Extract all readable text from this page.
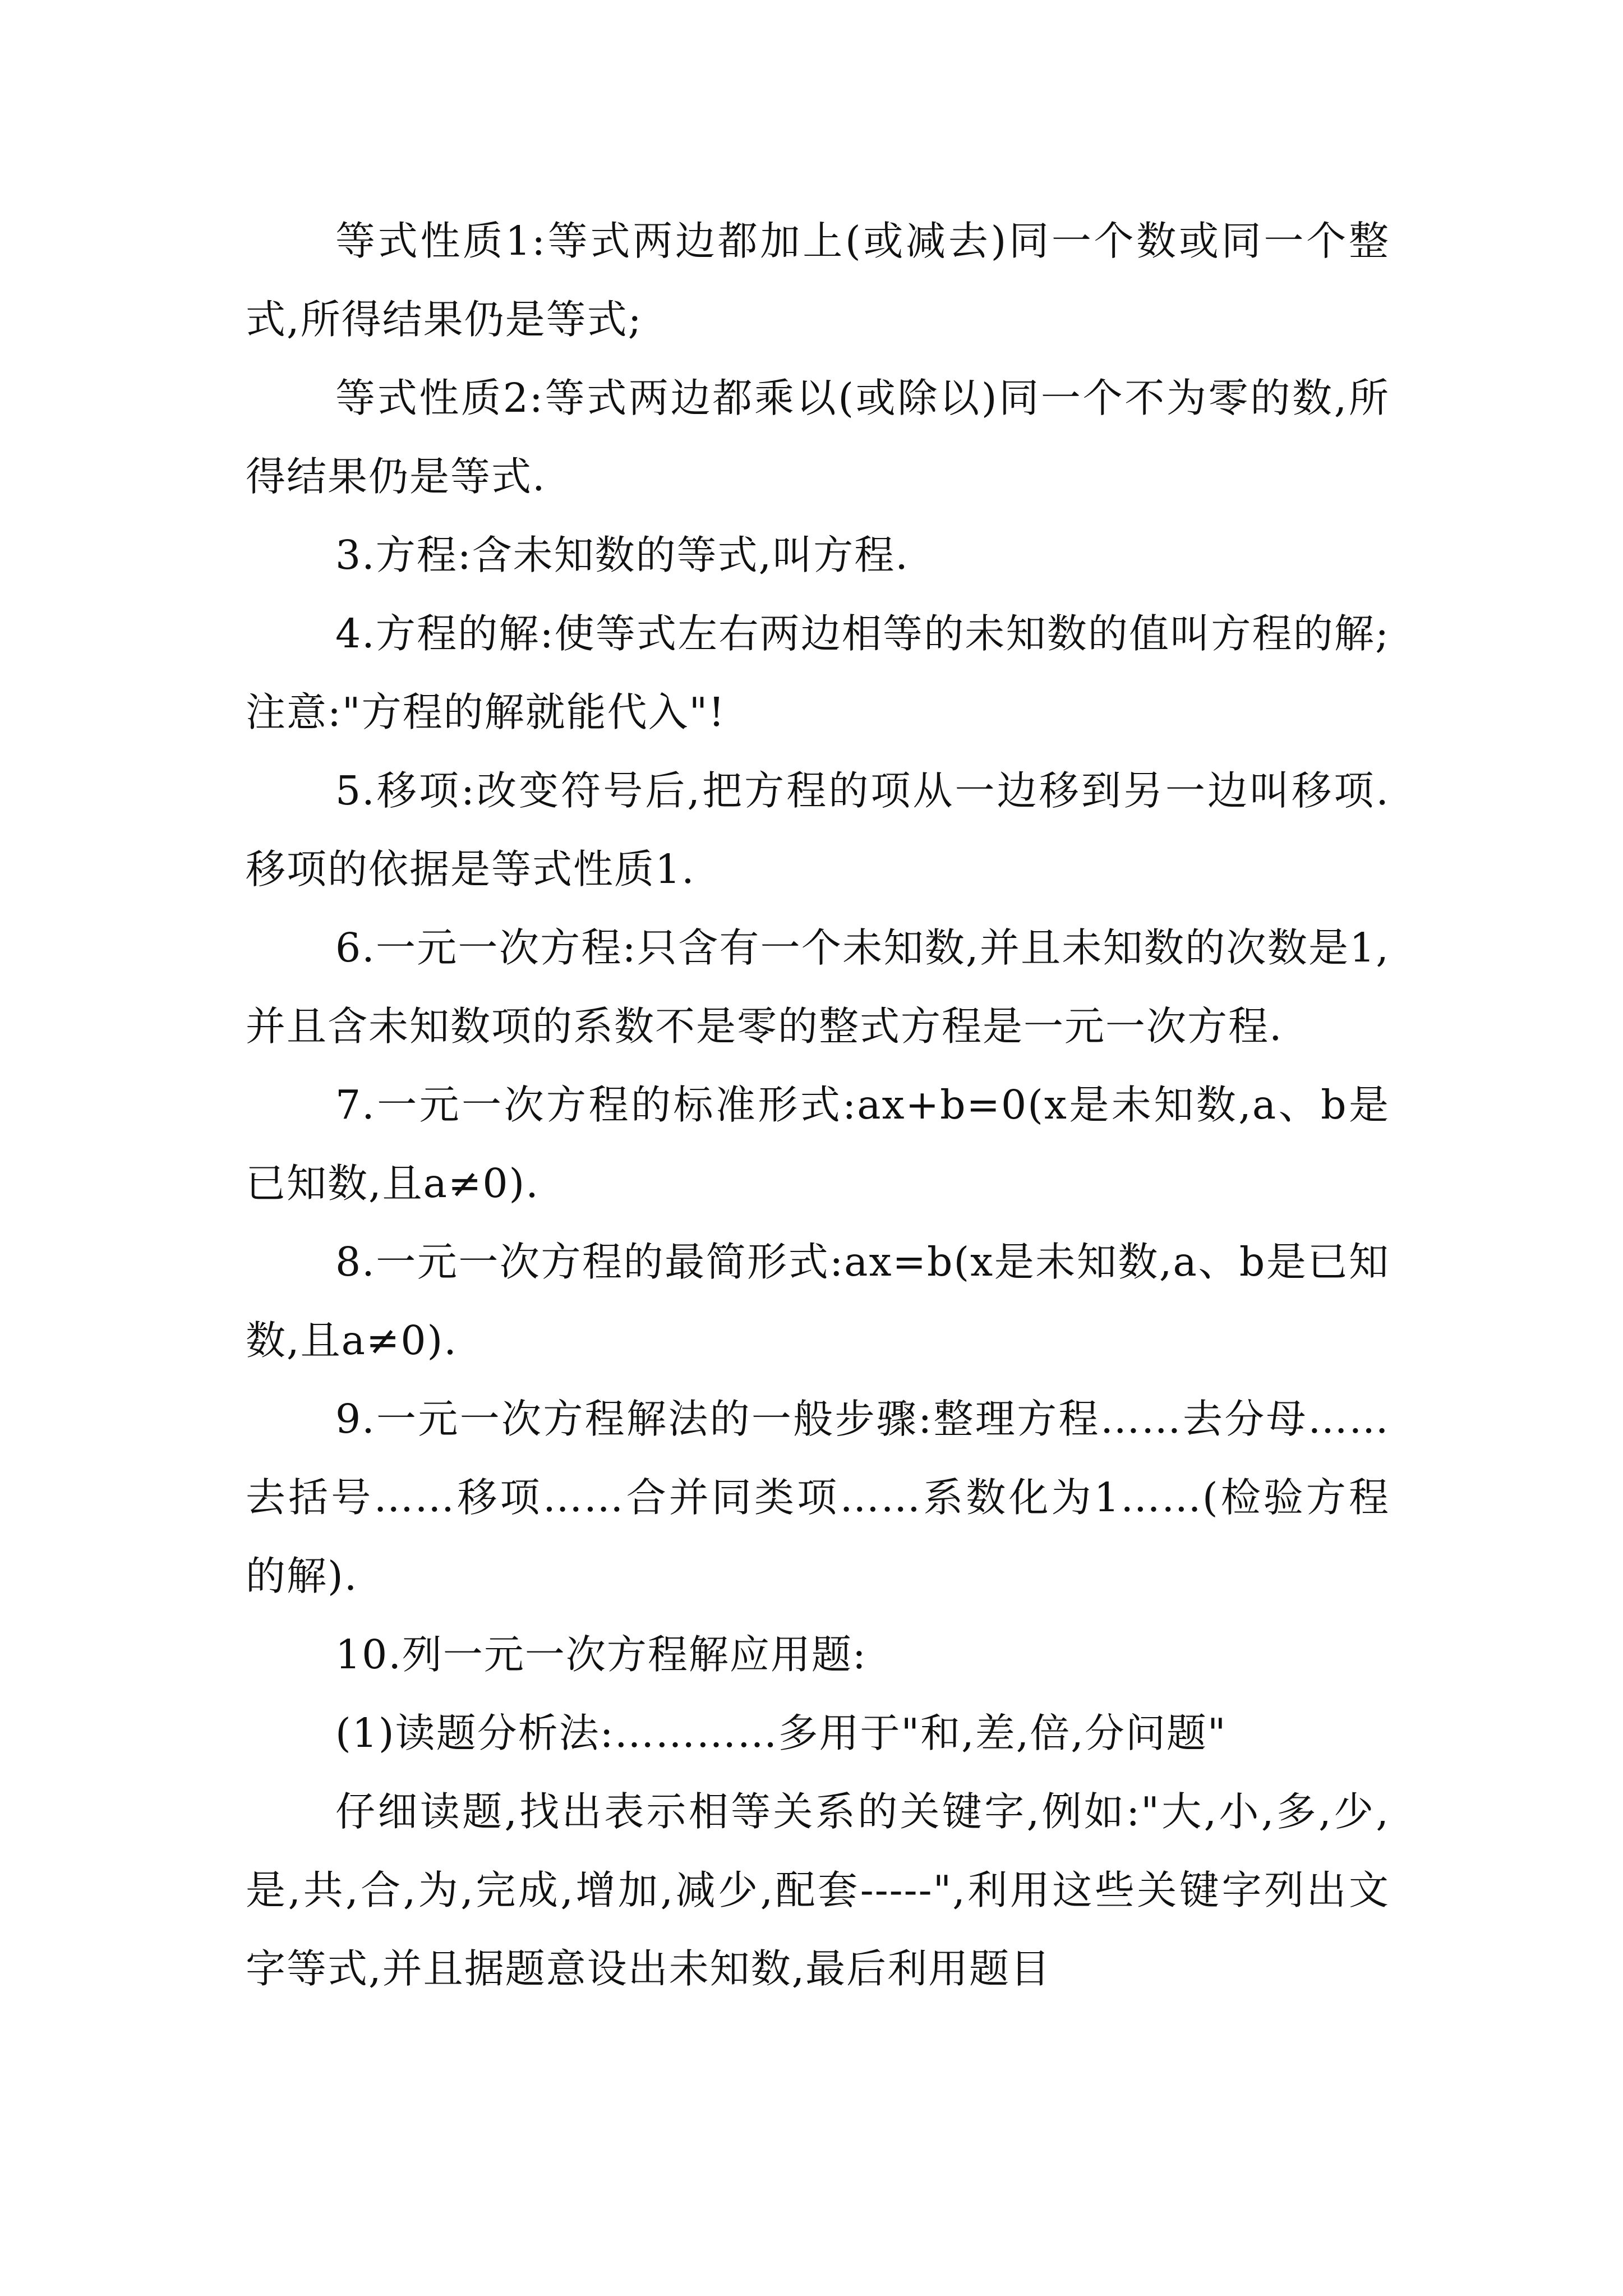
等式性质1:等式两边都加上(或减去)同一个数或同一个整式,所得结果仍是等式;

等式性质2:等式两边都乘以(或除以)同一个不为零的数,所得结果仍是等式.

3.方程:含未知数的等式,叫方程.

4.方程的解:使等式左右两边相等的未知数的值叫方程的解;注意:"方程的解就能代入"!

5.移项:改变符号后,把方程的项从一边移到另一边叫移项.移项的依据是等式性质1.

6.一元一次方程:只含有一个未知数,并且未知数的次数是1,并且含未知数项的系数不是零的整式方程是一元一次方程.

7.一元一次方程的标准形式:ax+b=0(x是未知数,a、b是已知数,且a≠0).

8.一元一次方程的最简形式:ax=b(x是未知数,a、b是已知数,且a≠0).

9.一元一次方程解法的一般步骤:整理方程……去分母……去括号……移项……合并同类项……系数化为1……(检验方程的解).

10.列一元一次方程解应用题:

(1)读题分析法:…………多用于"和,差,倍,分问题"

仔细读题,找出表示相等关系的关键字,例如:"大,小,多,少,是,共,合,为,完成,增加,减少,配套-----",利用这些关键字列出文字等式,并且据题意设出未知数,最后利用题目
